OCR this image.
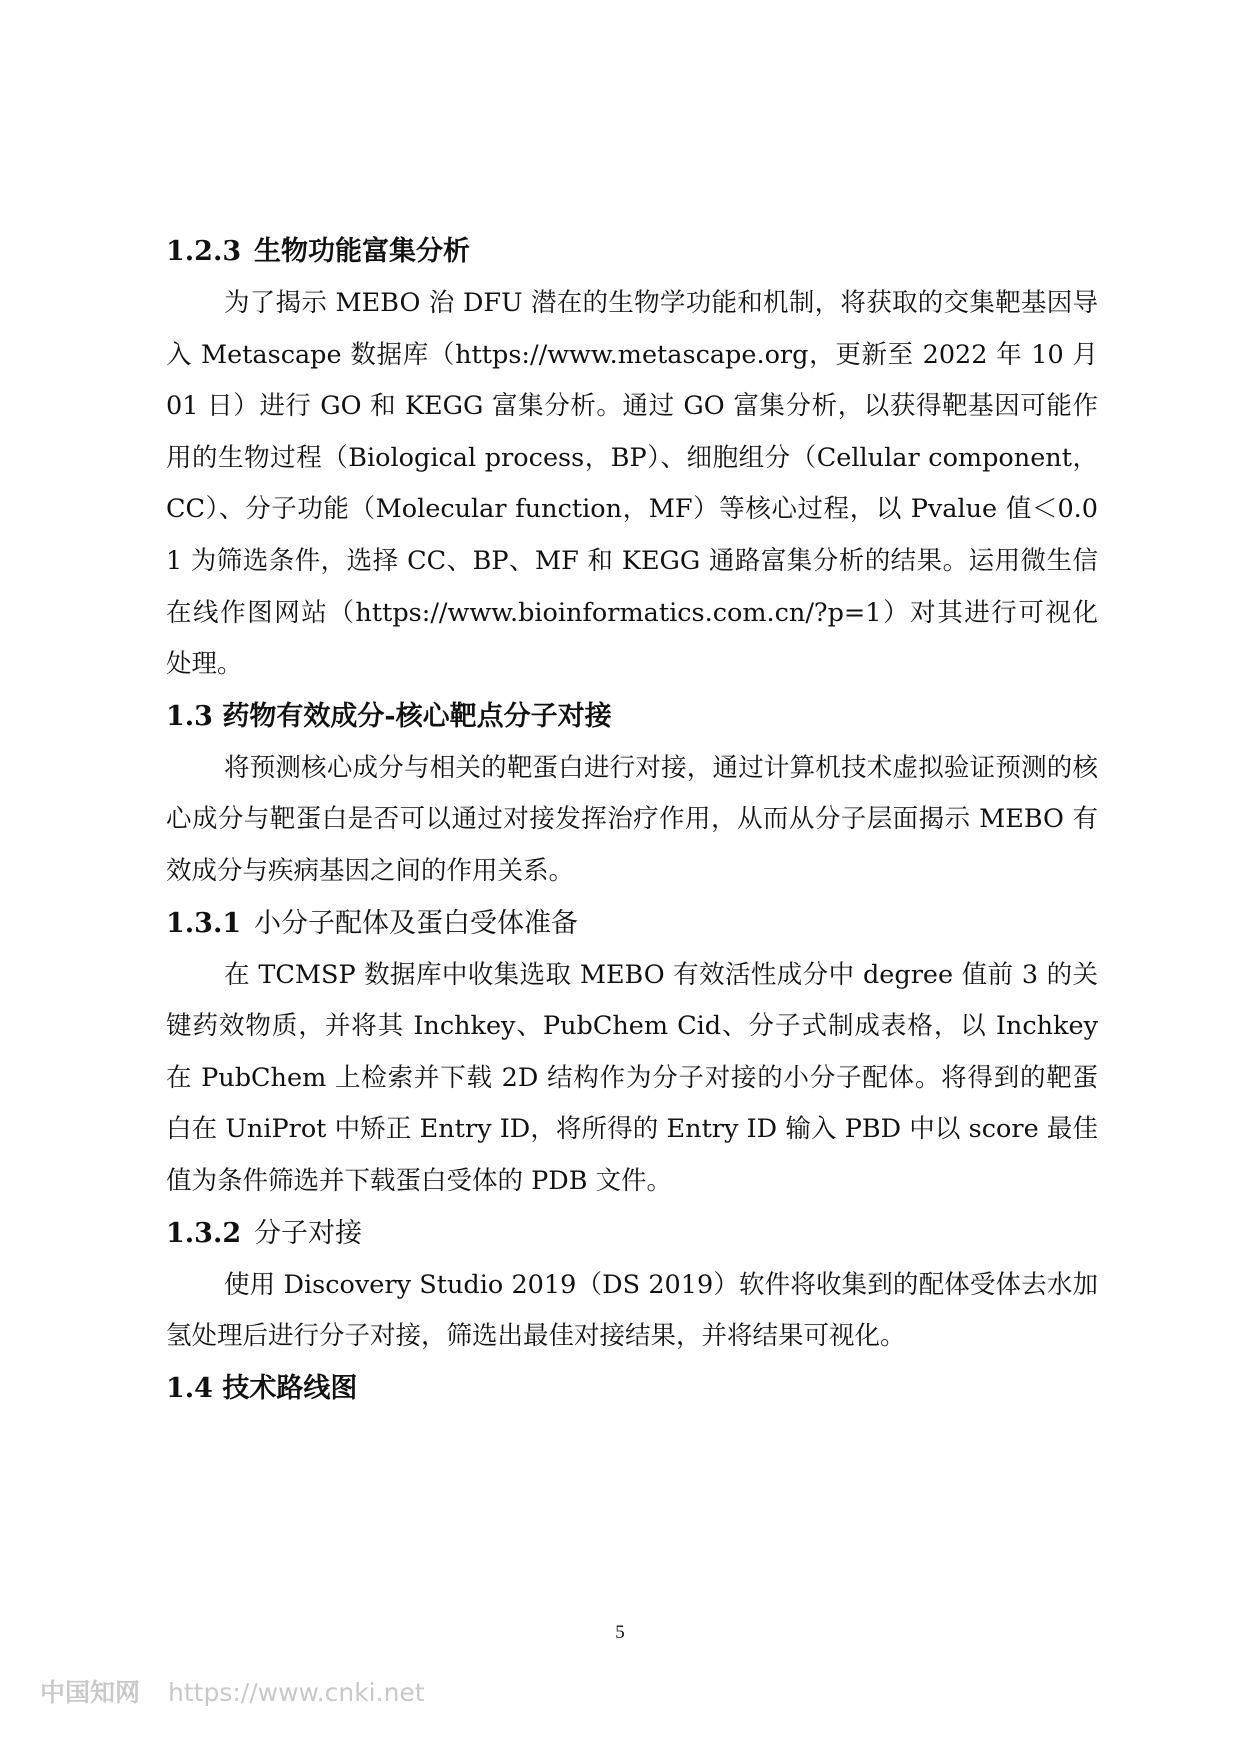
1.2.3 生物功能富集分析

为了揭示 MEBO 治 DFU 潜在的生物学功能和机制，将获取的交集靶基因导入 Metascape 数据库（https://www.metascape.org，更新至 2022 年 10 月 01 日）进行 GO 和 KEGG 富集分析。通过 GO 富集分析，以获得靶基因可能作用的生物过程（Biological process，BP）、细胞组分（Cellular component，CC）、分子功能（Molecular function，MF）等核心过程，以 Pvalue 值＜0.01 为筛选条件，选择 CC、BP、MF 和 KEGG 通路富集分析的结果。运用微生信在线作图网站（https://www.bioinformatics.com.cn/?p=1）对其进行可视化处理。

1.3 药物有效成分-核心靶点分子对接

将预测核心成分与相关的靶蛋白进行对接，通过计算机技术虚拟验证预测的核心成分与靶蛋白是否可以通过对接发挥治疗作用，从而从分子层面揭示 MEBO 有效成分与疾病基因之间的作用关系。

1.3.1 小分子配体及蛋白受体准备

在 TCMSP 数据库中收集选取 MEBO 有效活性成分中 degree 值前 3 的关键药效物质，并将其 Inchkey、PubChem Cid、分子式制成表格，以 Inchkey 在 PubChem 上检索并下载 2D 结构作为分子对接的小分子配体。将得到的靶蛋白在 UniProt 中矫正 Entry ID，将所得的 Entry ID 输入 PBD 中以 score 最佳值为条件筛选并下载蛋白受体的 PDB 文件。

1.3.2 分子对接

使用 Discovery Studio 2019（DS 2019）软件将收集到的配体受体去水加氢处理后进行分子对接，筛选出最佳对接结果，并将结果可视化。

1.4 技术路线图
5
中国知网 https://www.cnki.net
